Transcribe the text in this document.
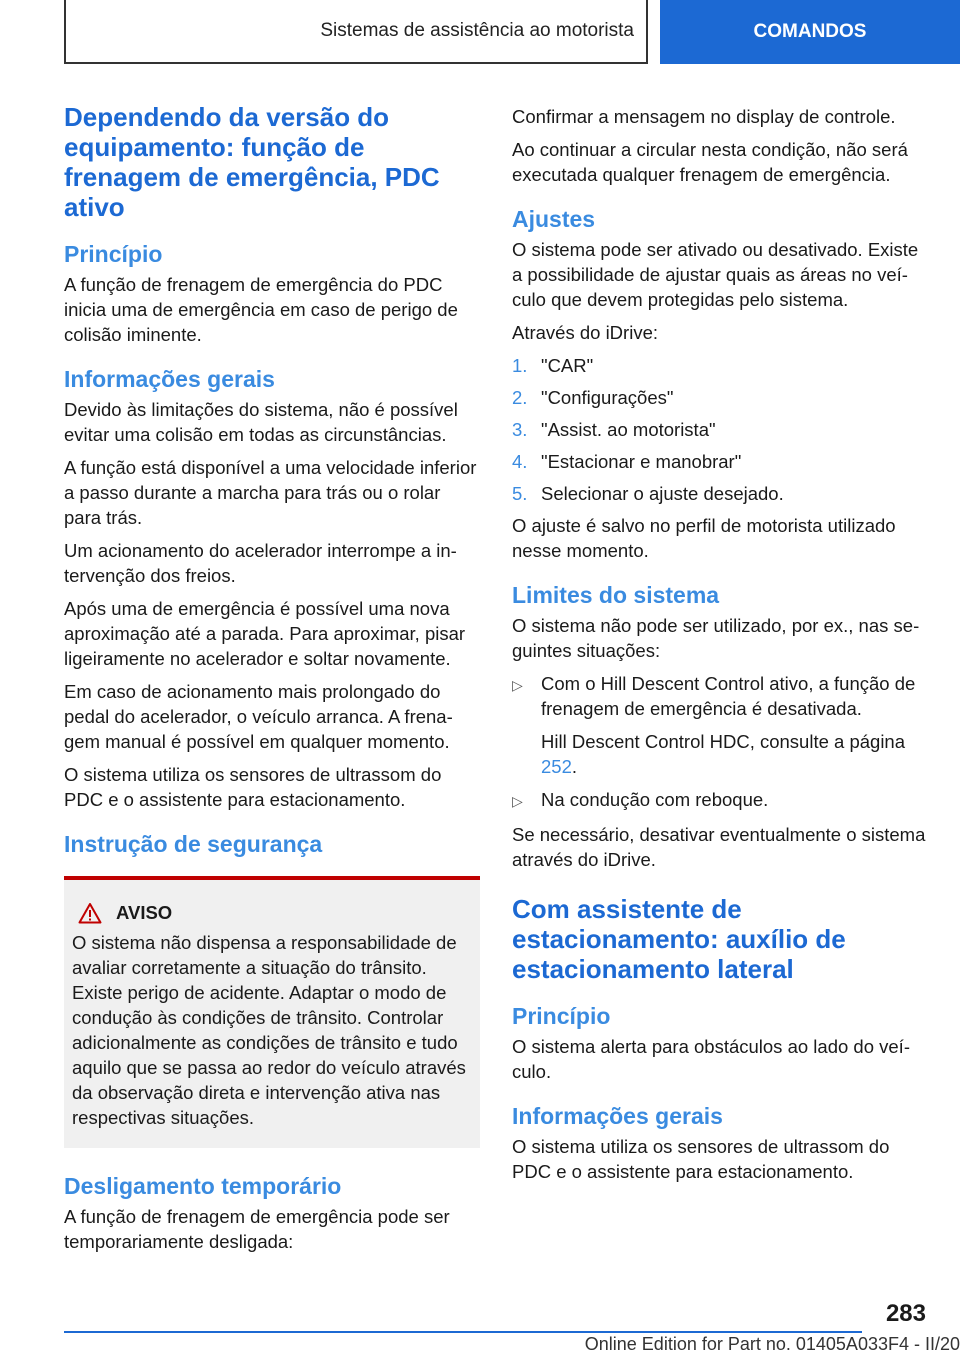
Sistemas de assistência ao motorista	COMANDOS
Dependendo da versão do equipamento: função de frenagem de emergência, PDC ativo
Princípio

A função de frenagem de emergência do PDC inicia uma de emergência em caso de perigo de colisão iminente.

Informações gerais

Devido às limitações do sistema, não é possível evitar uma colisão em todas as circunstâncias.

A função está disponível a uma velocidade inferior a passo durante a marcha para trás ou o rolar para trás.

Um acionamento do acelerador interrompe a intervenção dos freios.

Após uma de emergência é possível uma nova aproximação até a parada. Para aproximar, pisar ligeiramente no acelerador e soltar novamente.

Em caso de acionamento mais prolongado do pedal do acelerador, o veículo arranca. A frenagem manual é possível em qualquer momento.

O sistema utiliza os sensores de ultrassom do PDC e o assistente para estacionamento.

Instrução de segurança
AVISO

O sistema não dispensa a responsabilidade de avaliar corretamente a situação do trânsito. Existe perigo de acidente. Adaptar o modo de condução às condições de trânsito. Controlar adicionalmente as condições de trânsito e tudo aquilo que se passa ao redor do veículo através da observação direta e intervenção ativa nas respectivas situações.

Desligamento temporário

A função de frenagem de emergência pode ser temporariamente desligada:

Confirmar a mensagem no display de controle.

Ao continuar a circular nesta condição, não será executada qualquer frenagem de emergência.

Ajustes

O sistema pode ser ativado ou desativado. Existe a possibilidade de ajustar quais as áreas no veículo que devem protegidas pelo sistema.

Através do iDrive:

1. "CAR"
2. "Configurações"
3. "Assist. ao motorista"
4. "Estacionar e manobrar"
5. Selecionar o ajuste desejado.

O ajuste é salvo no perfil de motorista utilizado nesse momento.

Limites do sistema

O sistema não pode ser utilizado, por ex., nas seguintes situações:

▷ Com o Hill Descent Control ativo, a função de frenagem de emergência é desativada.
Hill Descent Control HDC, consulte a página
252.
▷ Na condução com reboque.

Se necessário, desativar eventualmente o sistema através do iDrive.

Com assistente de estacionamento: auxílio de estacionamento lateral
Princípio

O sistema alerta para obstáculos ao lado do veículo.

Informações gerais

O sistema utiliza os sensores de ultrassom do PDC e o assistente para estacionamento.

283
Online Edition for Part no. 01405A033F4 - II/20
